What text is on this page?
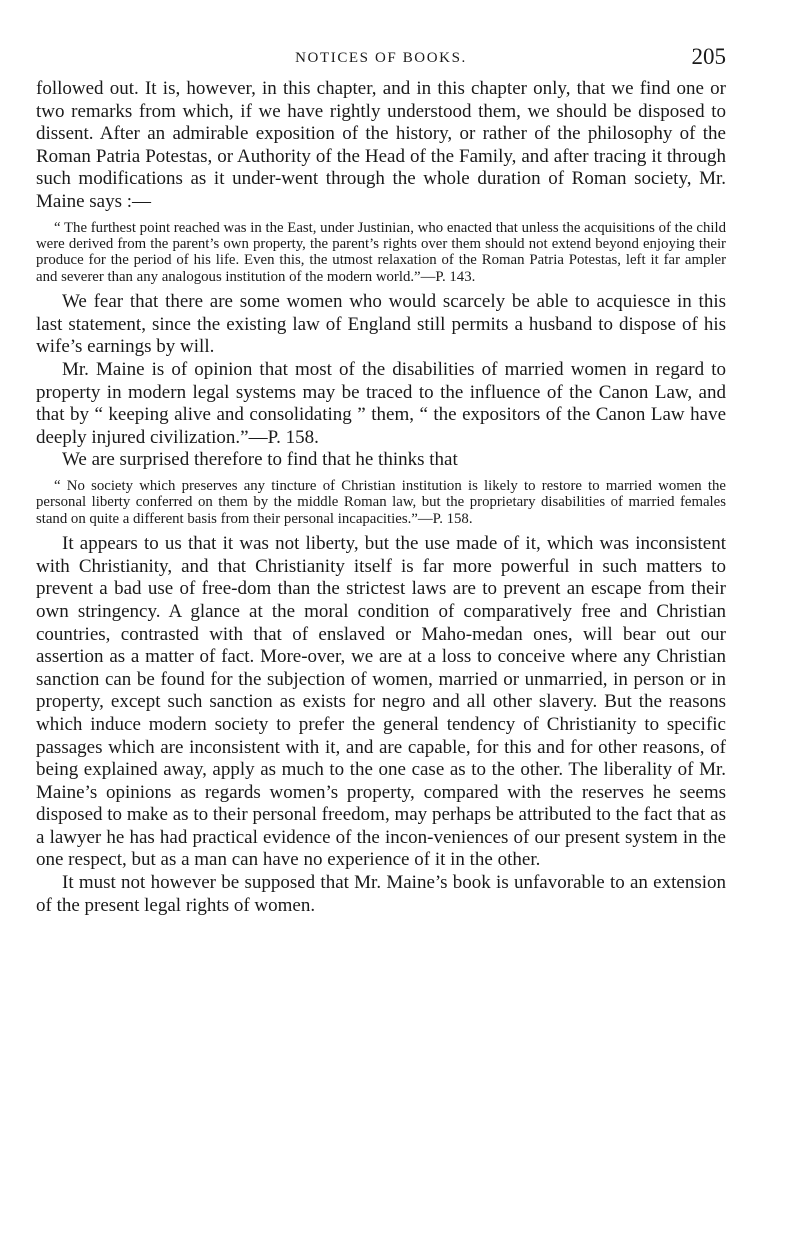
NOTICES OF BOOKS.	205

followed out. It is, however, in this chapter, and in this chapter only, that we find one or two remarks from which, if we have rightly understood them, we should be disposed to dissent. After an admirable exposition of the history, or rather of the philosophy of the Roman Patria Potestas, or Authority of the Head of the Family, and after tracing it through such modifications as it under-went through the whole duration of Roman society, Mr. Maine says :—

“ The furthest point reached was in the East, under Justinian, who enacted that unless the acquisitions of the child were derived from the parent’s own property, the parent’s rights over them should not extend beyond enjoying their produce for the period of his life. Even this, the utmost relaxation of the Roman Patria Potestas, left it far ampler and severer than any analogous institution of the modern world.”—P. 143.

We fear that there are some women who would scarcely be able to acquiesce in this last statement, since the existing law of England still permits a husband to dispose of his wife’s earnings by will.

Mr. Maine is of opinion that most of the disabilities of married women in regard to property in modern legal systems may be traced to the influence of the Canon Law, and that by “ keeping alive and consolidating ” them, “ the expositors of the Canon Law have deeply injured civilization.”—P. 158.

We are surprised therefore to find that he thinks that

“ No society which preserves any tincture of Christian institution is likely to restore to married women the personal liberty conferred on them by the middle Roman law, but the proprietary disabilities of married females stand on quite a different basis from their personal incapacities.”—P. 158.

It appears to us that it was not liberty, but the use made of it, which was inconsistent with Christianity, and that Christianity itself is far more powerful in such matters to prevent a bad use of free-dom than the strictest laws are to prevent an escape from their own stringency. A glance at the moral condition of comparatively free and Christian countries, contrasted with that of enslaved or Maho-medan ones, will bear out our assertion as a matter of fact. More-over, we are at a loss to conceive where any Christian sanction can be found for the subjection of women, married or unmarried, in person or in property, except such sanction as exists for negro and all other slavery. But the reasons which induce modern society to prefer the general tendency of Christianity to specific passages which are inconsistent with it, and are capable, for this and for other reasons, of being explained away, apply as much to the one case as to the other. The liberality of Mr. Maine’s opinions as regards women’s property, compared with the reserves he seems disposed to make as to their personal freedom, may perhaps be attributed to the fact that as a lawyer he has had practical evidence of the incon-veniences of our present system in the one respect, but as a man can have no experience of it in the other.

It must not however be supposed that Mr. Maine’s book is unfavorable to an extension of the present legal rights of women.
